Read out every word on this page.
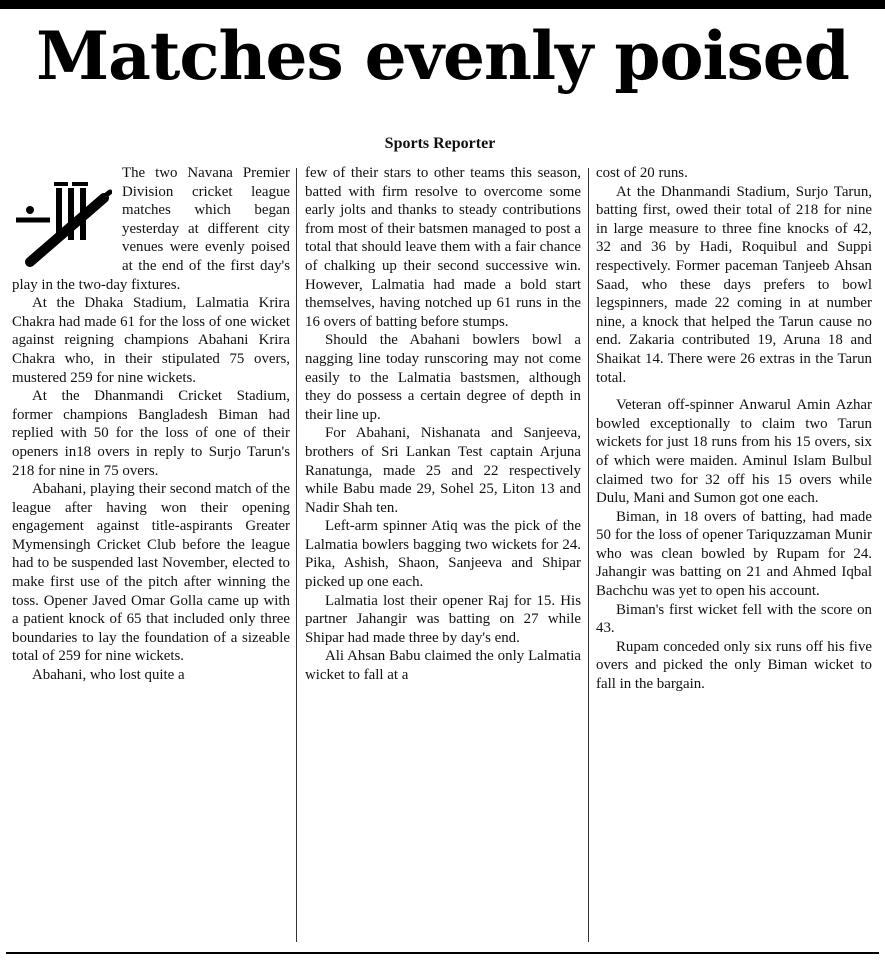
Matches evenly poised
Sports Reporter

The two Navana Premier Division cricket league matches which began yesterday at different city venues were evenly poised at the end of the first day's play in the two-day fixtures.

At the Dhaka Stadium, Lalmatia Krira Chakra had made 61 for the loss of one wicket against reigning champions Abahani Krira Chakra who, in their stipulated 75 overs, mustered 259 for nine wickets.

At the Dhanmandi Cricket Stadium, former champions Bangladesh Biman had replied with 50 for the loss of one of their openers in18 overs in reply to Surjo Tarun's 218 for nine in 75 overs.

Abahani, playing their second match of the league after having won their opening engagement against title-aspirants Greater Mymensingh Cricket Club before the league had to be suspended last November, elected to make first use of the pitch after winning the toss. Opener Javed Omar Golla came up with a patient knock of 65 that included only three boundaries to lay the foundation of a sizeable total of 259 for nine wickets.

Abahani, who lost quite a

few of their stars to other teams this season, batted with firm resolve to overcome some early jolts and thanks to steady contributions from most of their batsmen managed to post a total that should leave them with a fair chance of chalking up their second successive win. However, Lalmatia had made a bold start themselves, having notched up 61 runs in the 16 overs of batting before stumps.

Should the Abahani bowlers bowl a nagging line today runscoring may not come easily to the Lalmatia bastsmen, although they do possess a certain degree of depth in their line up.

For Abahani, Nishanata and Sanjeeva, brothers of Sri Lankan Test captain Arjuna Ranatunga, made 25 and 22 respectively while Babu made 29, Sohel 25, Liton 13 and Nadir Shah ten.

Left-arm spinner Atiq was the pick of the Lalmatia bowlers bagging two wickets for 24. Pika, Ashish, Shaon, Sanjeeva and Shipar picked up one each.

Lalmatia lost their opener Raj for 15. His partner Jahangir was batting on 27 while Shipar had made three by day's end.

Ali Ahsan Babu claimed the only Lalmatia wicket to fall at a

cost of 20 runs.

At the Dhanmandi Stadium, Surjo Tarun, batting first, owed their total of 218 for nine in large measure to three fine knocks of 42, 32 and 36 by Hadi, Roquibul and Suppi respectively. Former paceman Tanjeeb Ahsan Saad, who these days prefers to bowl legspinners, made 22 coming in at number nine, a knock that helped the Tarun cause no end. Zakaria contributed 19, Aruna 18 and Shaikat 14. There were 26 extras in the Tarun total.

Veteran off-spinner Anwarul Amin Azhar bowled exceptionally to claim two Tarun wickets for just 18 runs from his 15 overs, six of which were maiden. Aminul Islam Bulbul claimed two for 32 off his 15 overs while Dulu, Mani and Sumon got one each.

Biman, in 18 overs of batting, had made 50 for the loss of opener Tariquzzaman Munir who was clean bowled by Rupam for 24. Jahangir was batting on 21 and Ahmed Iqbal Bachchu was yet to open his account.

Biman's first wicket fell with the score on 43.

Rupam conceded only six runs off his five overs and picked the only Biman wicket to fall in the bargain.
